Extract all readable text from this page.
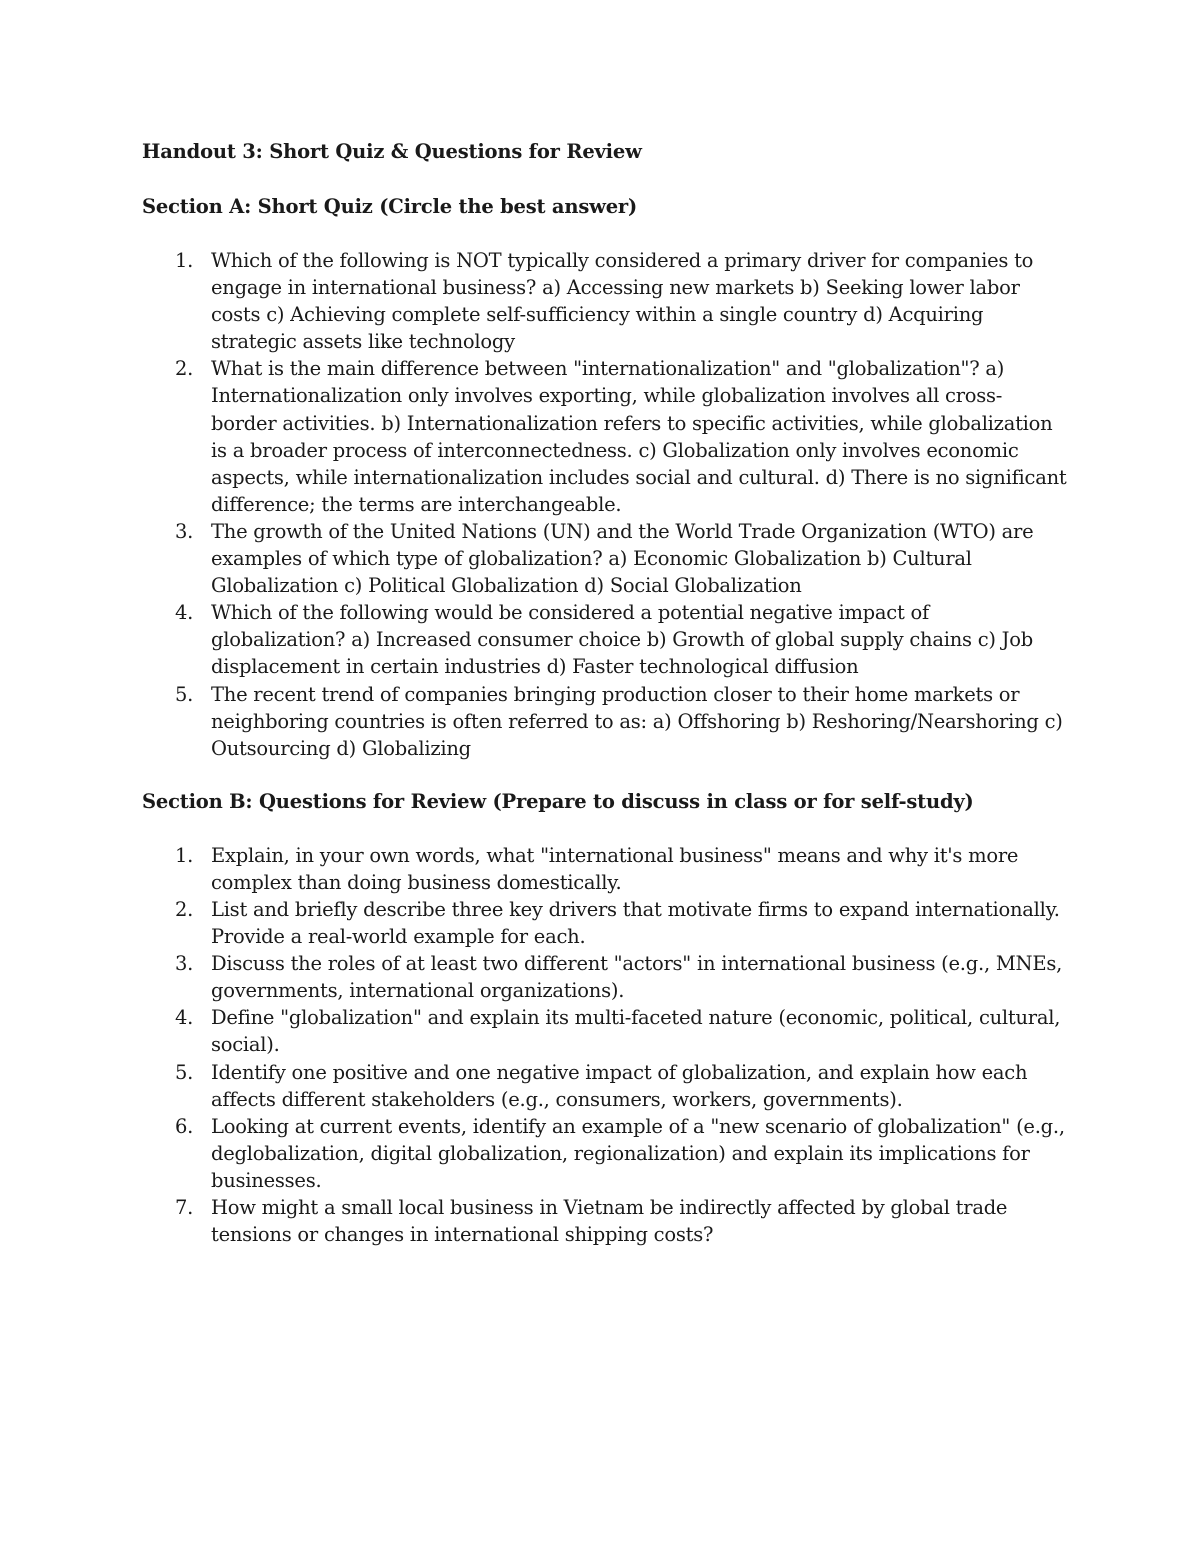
Handout 3: Short Quiz & Questions for Review
Section A: Short Quiz (Circle the best answer)
1. Which of the following is NOT typically considered a primary driver for companies to engage in international business? a) Accessing new markets b) Seeking lower labor costs c) Achieving complete self-sufficiency within a single country d) Acquiring strategic assets like technology
2. What is the main difference between "internationalization" and "globalization"? a) Internationalization only involves exporting, while globalization involves all cross-border activities. b) Internationalization refers to specific activities, while globalization is a broader process of interconnectedness. c) Globalization only involves economic aspects, while internationalization includes social and cultural. d) There is no significant difference; the terms are interchangeable.
3. The growth of the United Nations (UN) and the World Trade Organization (WTO) are examples of which type of globalization? a) Economic Globalization b) Cultural Globalization c) Political Globalization d) Social Globalization
4. Which of the following would be considered a potential negative impact of globalization? a) Increased consumer choice b) Growth of global supply chains c) Job displacement in certain industries d) Faster technological diffusion
5. The recent trend of companies bringing production closer to their home markets or neighboring countries is often referred to as: a) Offshoring b) Reshoring/Nearshoring c) Outsourcing d) Globalizing
Section B: Questions for Review (Prepare to discuss in class or for self-study)
1. Explain, in your own words, what "international business" means and why it's more complex than doing business domestically.
2. List and briefly describe three key drivers that motivate firms to expand internationally. Provide a real-world example for each.
3. Discuss the roles of at least two different "actors" in international business (e.g., MNEs, governments, international organizations).
4. Define "globalization" and explain its multi-faceted nature (economic, political, cultural, social).
5. Identify one positive and one negative impact of globalization, and explain how each affects different stakeholders (e.g., consumers, workers, governments).
6. Looking at current events, identify an example of a "new scenario of globalization" (e.g., deglobalization, digital globalization, regionalization) and explain its implications for businesses.
7. How might a small local business in Vietnam be indirectly affected by global trade tensions or changes in international shipping costs?
